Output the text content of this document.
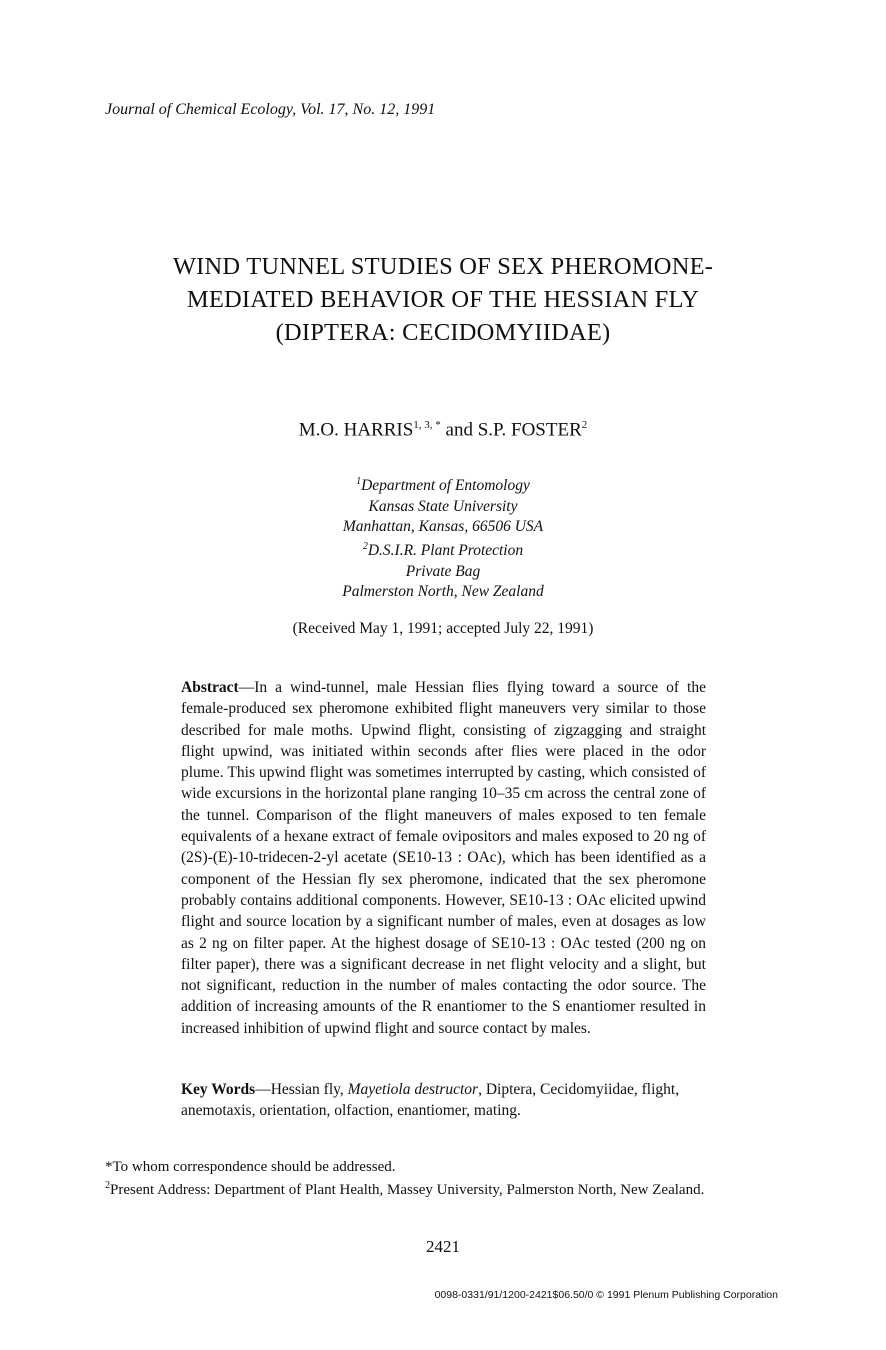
Journal of Chemical Ecology, Vol. 17, No. 12, 1991
WIND TUNNEL STUDIES OF SEX PHEROMONE-
MEDIATED BEHAVIOR OF THE HESSIAN FLY
(DIPTERA: CECIDOMYIIDAE)
M.O. $HARRIS^{1, 3, *}$ and S.P. FOSTER$^2$
$^1$Department of Entomology
Kansas State University
Manhattan, Kansas, 66506 USA
$^2$D.S.I.R. Plant Protection
Private Bag
Palmerston North, New Zealand
(Received May 1, 1991; accepted July 22, 1991)
Abstract—In a wind-tunnel, male Hessian flies flying toward a source of the female-produced sex pheromone exhibited flight maneuvers very similar to those described for male moths. Upwind flight, consisting of zigzagging and straight flight upwind, was initiated within seconds after flies were placed in the odor plume. This upwind flight was sometimes interrupted by casting, which consisted of wide excursions in the horizontal plane ranging 10–35 cm across the central zone of the tunnel. Comparison of the flight maneuvers of males exposed to ten female equivalents of a hexane extract of female ovipositors and males exposed to 20 ng of (2S)-(E)-10-tridecen-2-yl acetate (SE10-13 : OAc), which has been identified as a component of the Hessian fly sex pheromone, indicated that the sex pheromone probably contains additional components. However, SE10-13 : OAc elicited upwind flight and source location by a significant number of males, even at dosages as low as 2 ng on filter paper. At the highest dosage of SE10-13 : OAc tested (200 ng on filter paper), there was a significant decrease in net flight velocity and a slight, but not significant, reduction in the number of males contacting the odor source. The addition of increasing amounts of the R enantiomer to the S enantiomer resulted in increased inhibition of upwind flight and source contact by males.
Key Words—Hessian fly, Mayetiola destructor, Diptera, Cecidomyiidae, flight, anemotaxis, orientation, olfaction, enantiomer, mating.
*To whom correspondence should be addressed.
$^2$Present Address: Department of Plant Health, Massey University, Palmerston North, New Zealand.
2421
0098-0331/91/1200-2421$06.50/0 © 1991 Plenum Publishing Corporation
